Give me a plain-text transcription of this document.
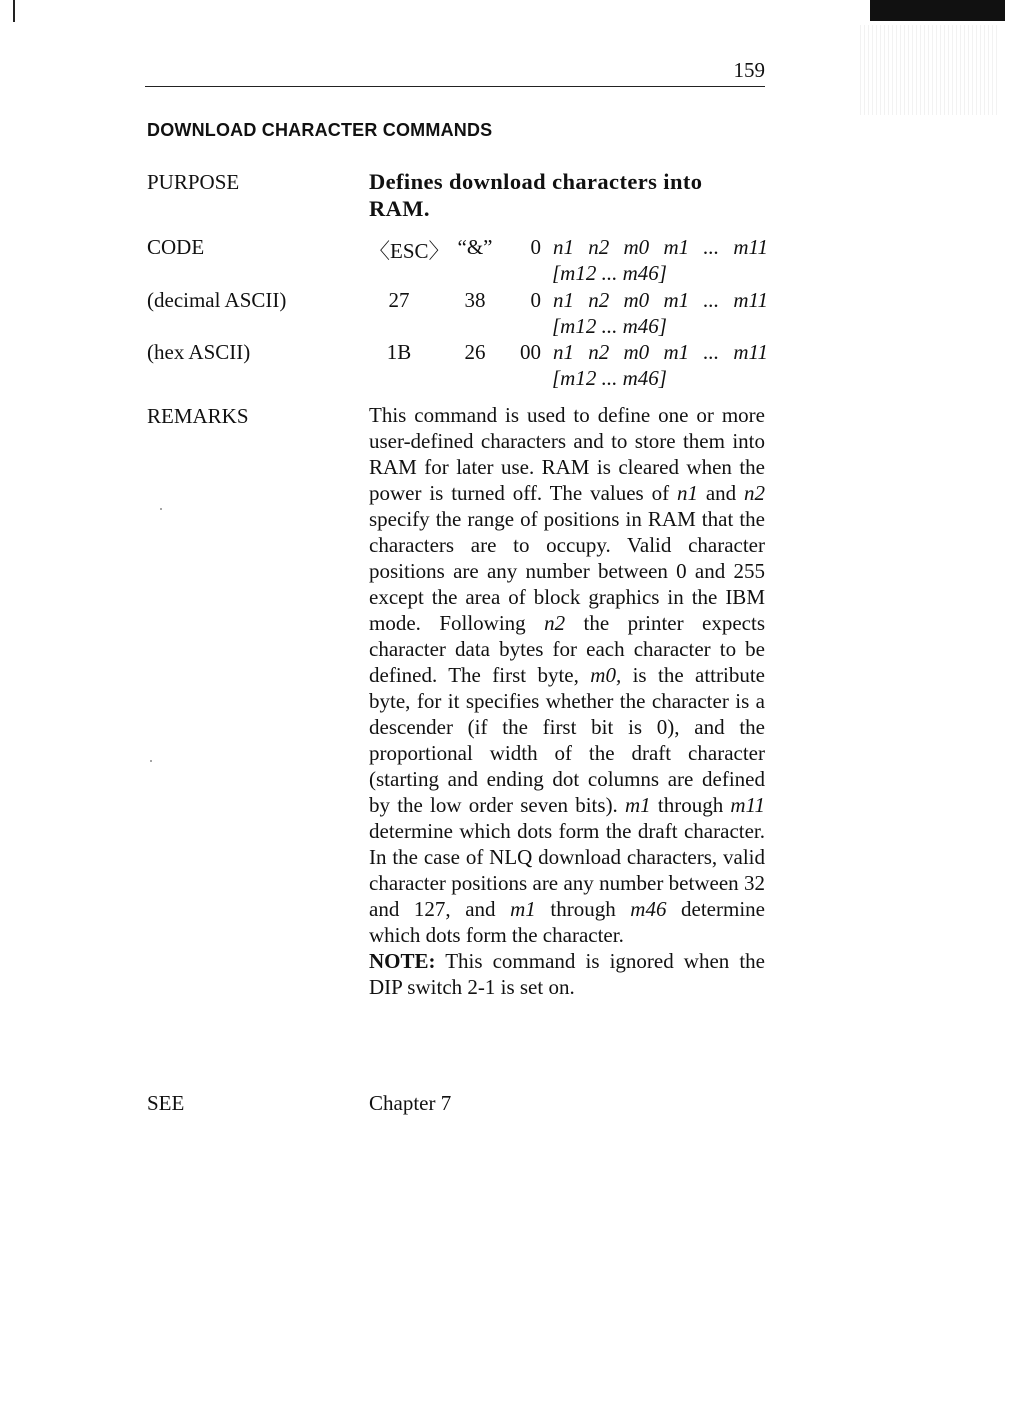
159
DOWNLOAD CHARACTER COMMANDS
PURPOSE	Defines download characters into RAM.
CODE	〈ESC〉 “&”	0 n1 n2 m0 m1 ... m11
[m12 ... m46]
(decimal ASCII)	27	38	0 n1 n2 m0 m1 ... m11
[m12 ... m46]
(hex ASCII)	1B	26	00 n1 n2 m0 m1 ... m11
[m12 ... m46]
REMARKS	This command is used to define one or more user-defined characters and to store them into RAM for later use. RAM is cleared when the power is turned off. The values of n1 and n2 specify the range of positions in RAM that the characters are to occupy. Valid character positions are any number between 0 and 255 except the area of block graphics in the IBM mode. Following n2 the printer expects character data bytes for each character to be defined. The first byte, m0, is the attribute byte, for it specifies whether the character is a descender (if the first bit is 0), and the proportional width of the draft character (starting and ending dot columns are defined by the low order seven bits). m1 through m11 determine which dots form the draft character. In the case of NLQ download characters, valid character positions are any number between 32 and 127, and m1 through m46 determine which dots form the character.

NOTE: This command is ignored when the DIP switch 2-1 is set on.

SEE	Chapter 7
